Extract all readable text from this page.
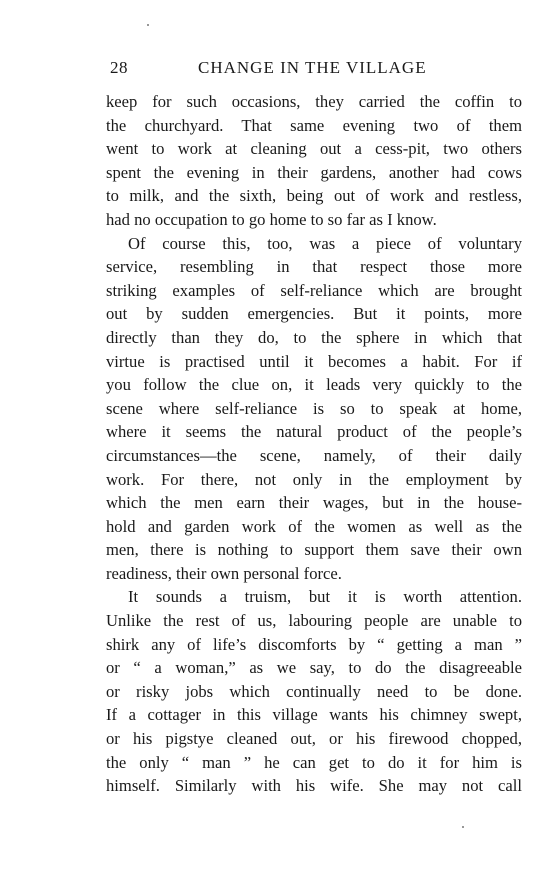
28	CHANGE IN THE VILLAGE
keep for such occasions, they carried the coffin to
the churchyard. That same evening two of them
went to work at cleaning out a cess-pit, two others
spent the evening in their gardens, another had cows
to milk, and the sixth, being out of work and restless,
had no occupation to go home to so far as I know.
Of course this, too, was a piece of voluntary
service, resembling in that respect those more
striking examples of self-reliance which are brought
out by sudden emergencies. But it points, more
directly than they do, to the sphere in which that
virtue is practised until it becomes a habit. For if
you follow the clue on, it leads very quickly to the
scene where self-reliance is so to speak at home,
where it seems the natural product of the people’s
circumstances—the scene, namely, of their daily
work. For there, not only in the employment by
which the men earn their wages, but in the house-
hold and garden work of the women as well as the
men, there is nothing to support them save their own
readiness, their own personal force.
It sounds a truism, but it is worth attention.
Unlike the rest of us, labouring people are unable to
shirk any of life’s discomforts by “ getting a man ”
or “ a woman,” as we say, to do the disagreeable
or risky jobs which continually need to be done.
If a cottager in this village wants his chimney swept,
or his pigstye cleaned out, or his firewood chopped,
the only “ man ” he can get to do it for him is
himself. Similarly with his wife. She may not call
